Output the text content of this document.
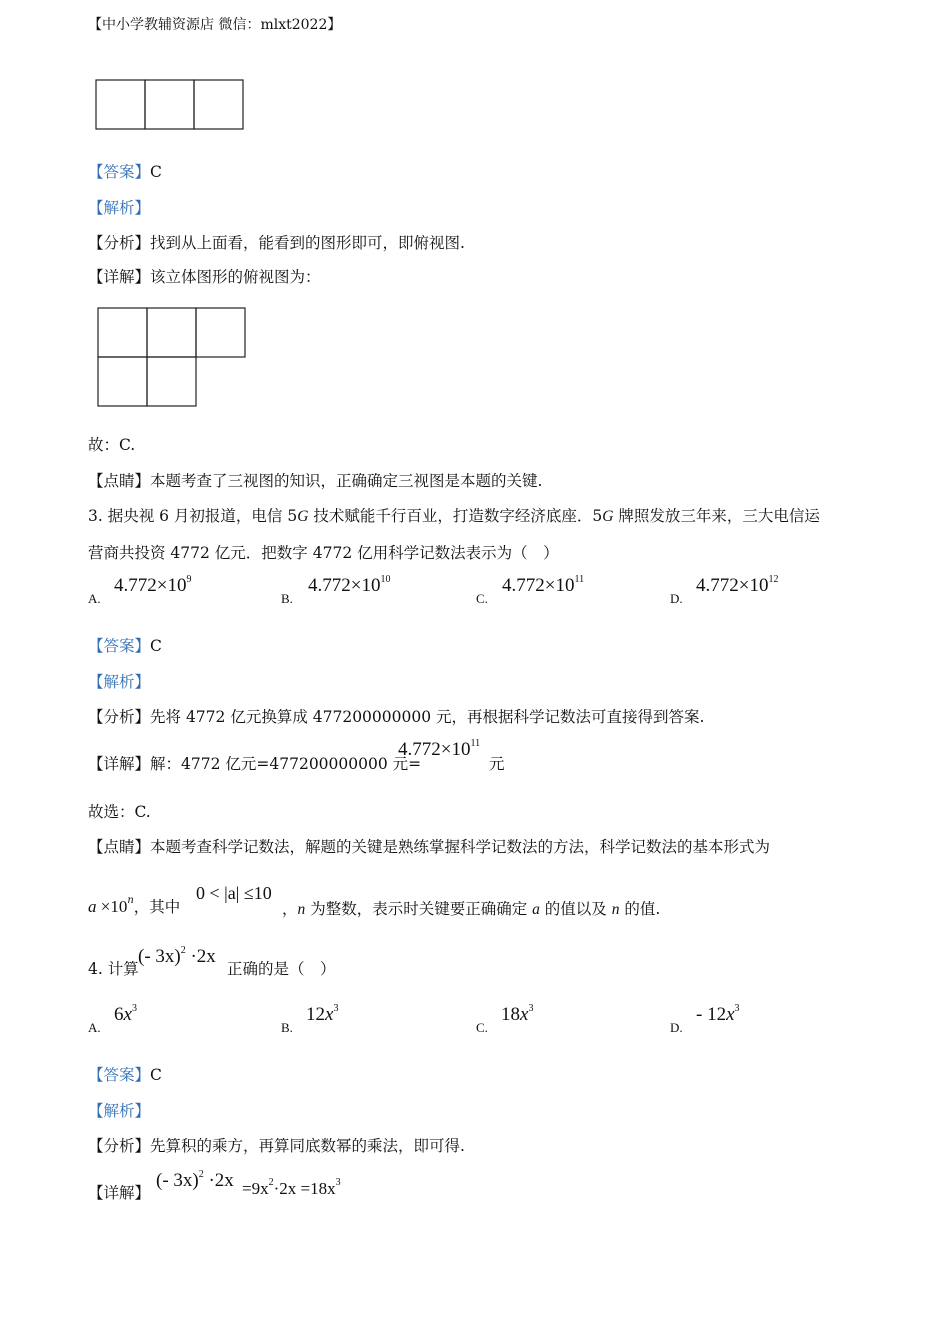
【中小学教辅资源店 微信：mlxt2022】
【答案】C
【解析】
【分析】找到从上面看，能看到的图形即可，即俯视图.
【详解】该立体图形的俯视图为：
故：C.
【点睛】本题考查了三视图的知识，正确确定三视图是本题的关键.
3. 据央视 6 月初报道，电信 5G 技术赋能千行百业，打造数字经济底座．5G 牌照发放三年来，三大电信运
营商共投资 4772 亿元．把数字 4772 亿用科学记数法表示为（　）
A.
$4.772\times 10^9$
B.
$4.772\times 10^{10}$
C.
$4.772\times 10^{11}$
D.
$4.772\times 10^{12}$
【答案】C
【解析】
【分析】先将 4772 亿元换算成 477200000000 元，再根据科学记数法可直接得到答案.
【详解】解：4772 亿元=477200000000 元=
$4.772\times 10^{11}$
元
故选：C.
【点睛】本题考查科学记数法，解题的关键是熟练掌握科学记数法的方法，科学记数法的基本形式为
$a \times 10^n$，其中
0 < |a| ≤10
，n 为整数，表示时关键要正确确定 a 的值以及 n 的值.
4. 计算
(- 3x)$^2$ ·2x
正确的是（　）
A.
$6x^3$
B.
$12x^3$
C.
$18x^3$
D.
- $12x^3$
【答案】C
【解析】
【分析】先算积的乘方，再算同底数幂的乘法，即可得.
【详解】
(- $3x)^2 \cdot 2x =9x^2\cdot 2x =18x^3$
